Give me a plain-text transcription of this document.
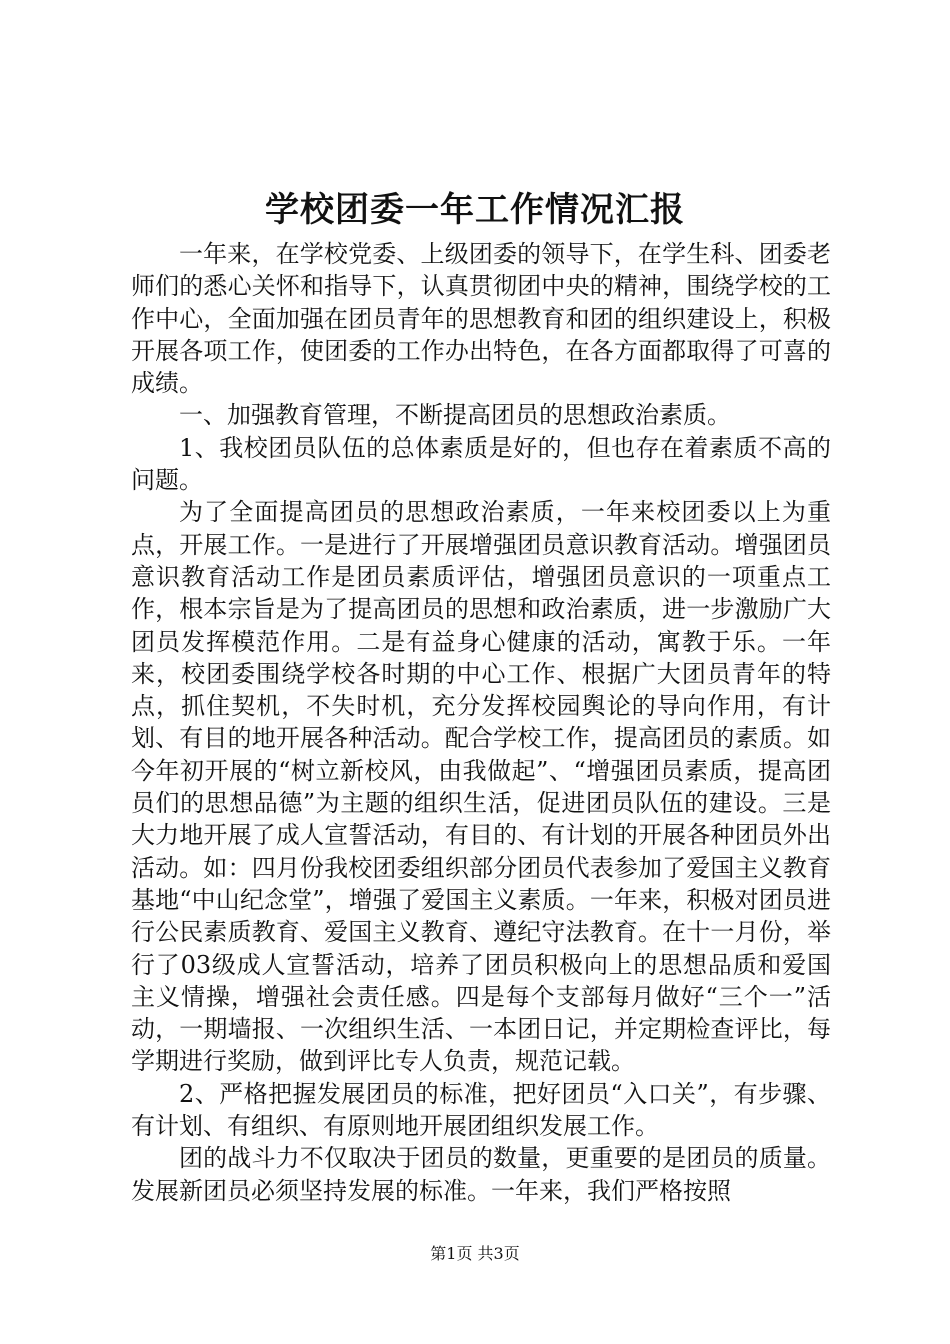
学校团委一年工作情况汇报

一年来，在学校党委、上级团委的领导下，在学生科、团委老师们的悉心关怀和指导下，认真贯彻团中央的精神，围绕学校的工作中心，全面加强在团员青年的思想教育和团的组织建设上，积极开展各项工作，使团委的工作办出特色，在各方面都取得了可喜的成绩。

一、加强教育管理，不断提高团员的思想政治素质。

1、我校团员队伍的总体素质是好的，但也存在着素质不高的问题。

为了全面提高团员的思想政治素质，一年来校团委以上为重点，开展工作。一是进行了开展增强团员意识教育活动。增强团员意识教育活动工作是团员素质评估，增强团员意识的一项重点工作，根本宗旨是为了提高团员的思想和政治素质，进一步激励广大团员发挥模范作用。二是有益身心健康的活动，寓教于乐。一年来，校团委围绕学校各时期的中心工作、根据广大团员青年的特点，抓住契机，不失时机，充分发挥校园舆论的导向作用，有计划、有目的地开展各种活动。配合学校工作，提高团员的素质。如今年初开展的“树立新校风，由我做起”、“增强团员素质，提高团员们的思想品德”为主题的组织生活，促进团员队伍的建设。三是大力地开展了成人宣誓活动，有目的、有计划的开展各种团员外出活动。如：四月份我校团委组织部分团员代表参加了爱国主义教育基地“中山纪念堂”，增强了爱国主义素质。一年来，积极对团员进行公民素质教育、爱国主义教育、遵纪守法教育。在十一月份，举行了03级成人宣誓活动，培养了团员积极向上的思想品质和爱国主义情操，增强社会责任感。四是每个支部每月做好“三个一”活动，一期墙报、一次组织生活、一本团日记，并定期检查评比，每学期进行奖励，做到评比专人负责，规范记载。

2、严格把握发展团员的标准，把好团员“入口关”，有步骤、有计划、有组织、有原则地开展团组织发展工作。

团的战斗力不仅取决于团员的数量，更重要的是团员的质量。发展新团员必须坚持发展的标准。一年来，我们严格按照

第1页 共3页
